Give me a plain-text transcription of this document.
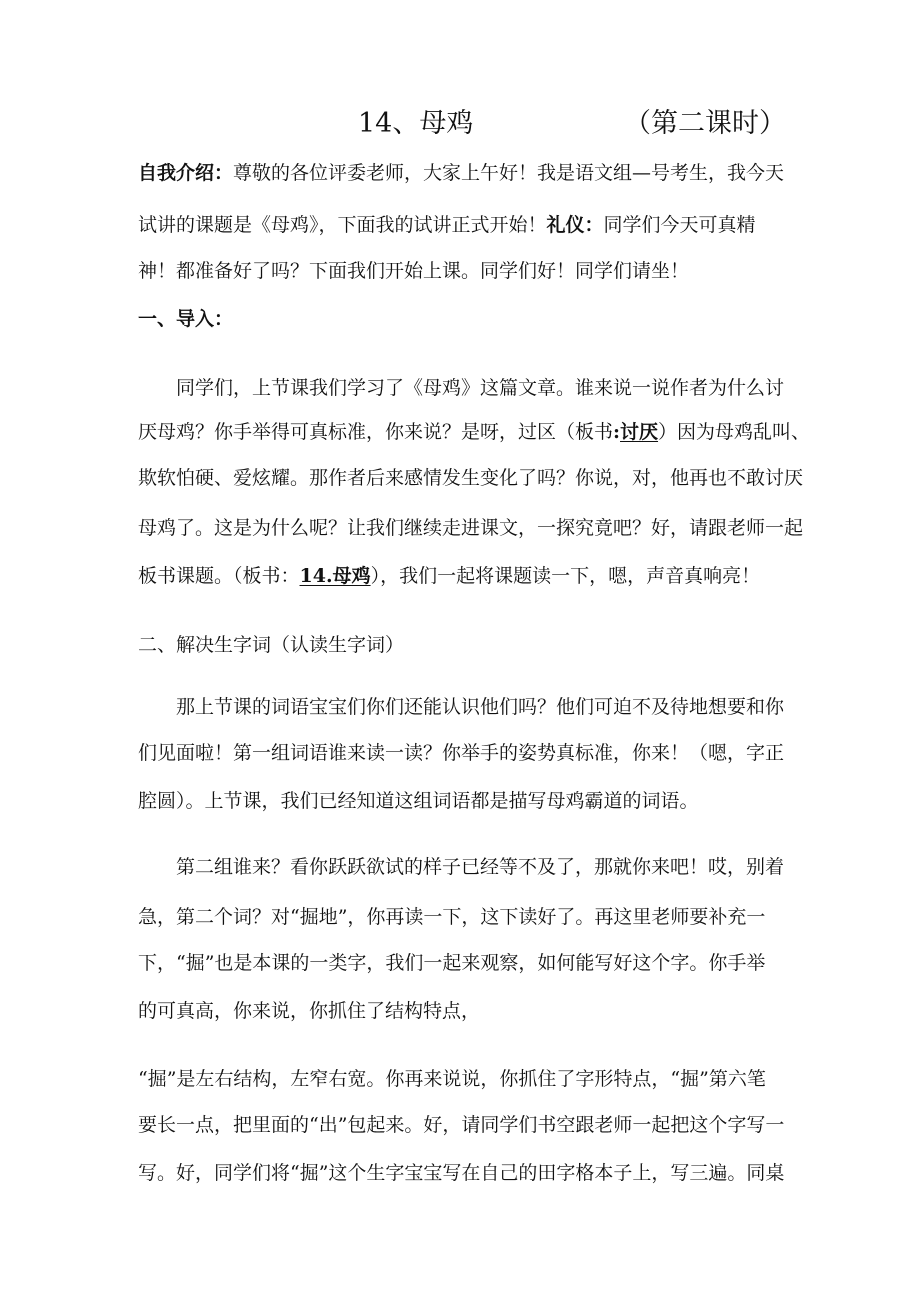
14、母鸡	（第二课时）
自我介绍：尊敬的各位评委老师，大家上午好！我是语文组—号考生，我今天
试讲的课题是《母鸡》，下面我的试讲正式开始！礼仪：同学们今天可真精
神！都准备好了吗？下面我们开始上课。同学们好！同学们请坐！
一、导入：
同学们，上节课我们学习了《母鸡》这篇文章。谁来说一说作者为什么讨
厌母鸡？你手举得可真标准，你来说？是呀，过区（板书:讨厌）因为母鸡乱叫、
欺软怕硬、爱炫耀。那作者后来感情发生变化了吗？你说，对，他再也不敢讨厌
母鸡了。这是为什么呢？让我们继续走进课文，一探究竟吧？好，请跟老师一起
板书课题。（板书：14.母鸡），我们一起将课题读一下，嗯，声音真响亮！
二、解决生字词（认读生字词）
那上节课的词语宝宝们你们还能认识他们吗？他们可迫不及待地想要和你
们见面啦！第一组词语谁来读一读？你举手的姿势真标准，你来！（嗯，字正
腔圆）。上节课，我们已经知道这组词语都是描写母鸡霸道的词语。
第二组谁来？看你跃跃欲试的样子已经等不及了，那就你来吧！哎，别着
急，第二个词？对“掘地”，你再读一下，这下读好了。再这里老师要补充一
下，“掘”也是本课的一类字，我们一起来观察，如何能写好这个字。你手举
的可真高，你来说，你抓住了结构特点，
“掘”是左右结构，左窄右宽。你再来说说，你抓住了字形特点，“掘”第六笔
要长一点，把里面的“出”包起来。好，请同学们书空跟老师一起把这个字写一
写。好，同学们将“掘”这个生字宝宝写在自己的田字格本子上，写三遍。同桌
